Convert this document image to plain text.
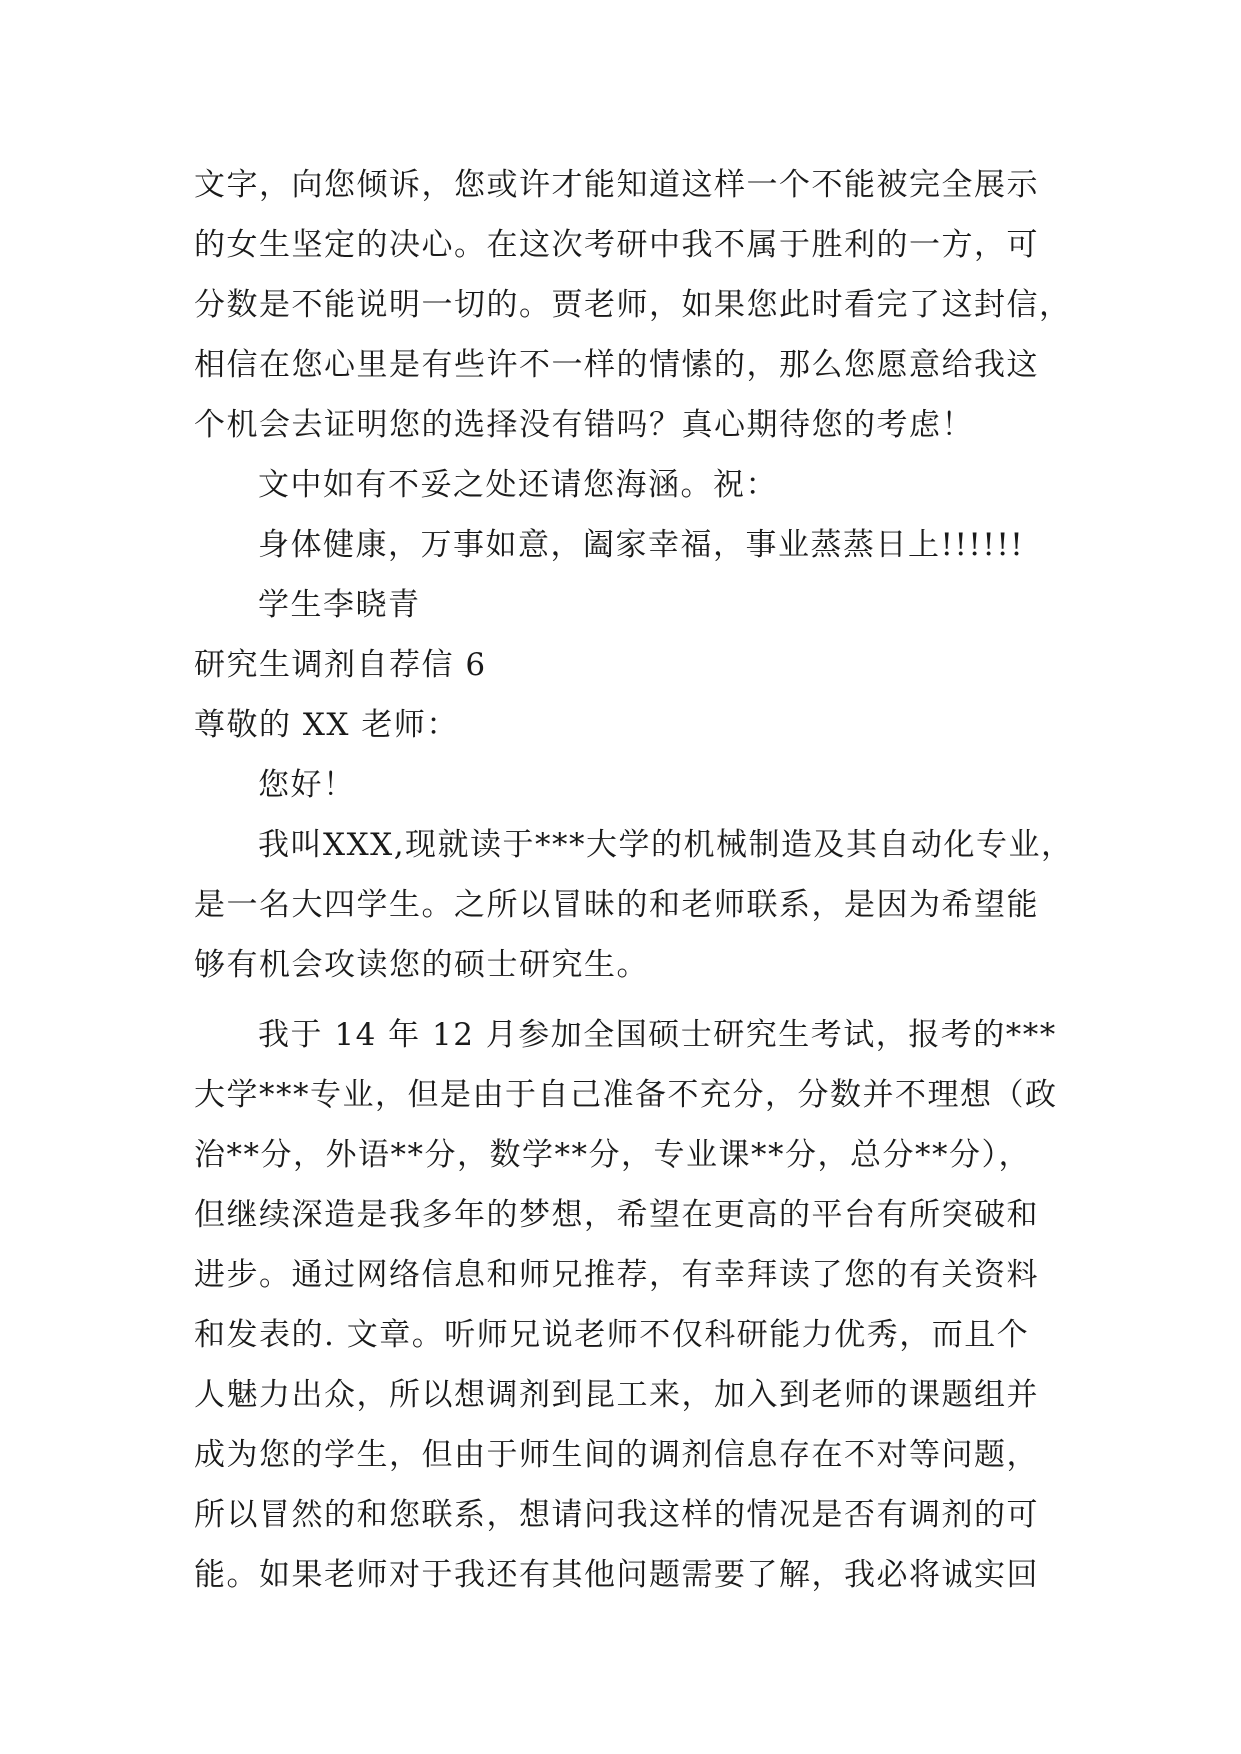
文字，向您倾诉，您或许才能知道这样一个不能被完全展示
的女生坚定的决心。在这次考研中我不属于胜利的一方，可
分数是不能说明一切的。贾老师，如果您此时看完了这封信，
相信在您心里是有些许不一样的情愫的，那么您愿意给我这
个机会去证明您的选择没有错吗？真心期待您的考虑！
文中如有不妥之处还请您海涵。祝：
身体健康，万事如意，阖家幸福，事业蒸蒸日上!!!!!!
学生李晓青
研究生调剂自荐信 6
尊敬的 XX 老师：
您好！
我叫XXX,现就读于***大学的机械制造及其自动化专业，
是一名大四学生。之所以冒昧的和老师联系，是因为希望能
够有机会攻读您的硕士研究生。
我于 14 年 12 月参加全国硕士研究生考试，报考的***
大学***专业，但是由于自己准备不充分，分数并不理想（政
治**分，外语**分，数学**分，专业课**分，总分**分），
但继续深造是我多年的梦想，希望在更高的平台有所突破和
进步。通过网络信息和师兄推荐，有幸拜读了您的有关资料
和发表的. 文章。听师兄说老师不仅科研能力优秀，而且个
人魅力出众，所以想调剂到昆工来，加入到老师的课题组并
成为您的学生，但由于师生间的调剂信息存在不对等问题，
所以冒然的和您联系，想请问我这样的情况是否有调剂的可
能。如果老师对于我还有其他问题需要了解，我必将诚实回
